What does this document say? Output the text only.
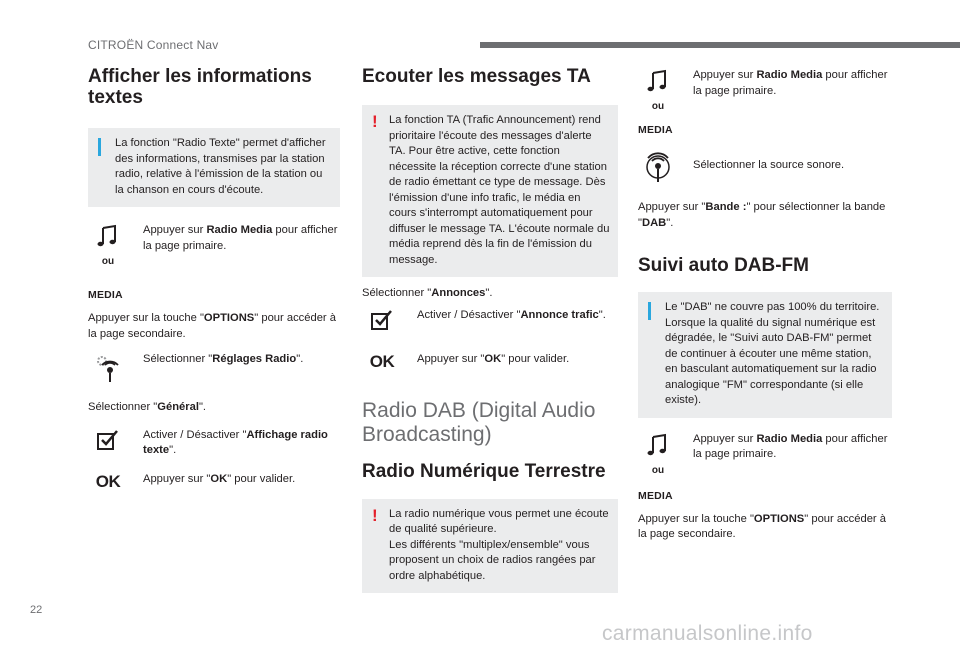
CITROËN Connect Nav
Afficher les informations
textes
La fonction "Radio Texte" permet d'afficher des informations, transmises par la station radio, relative à l'émission de la station ou la chanson en cours d'écoute.
ou
Appuyer sur Radio Media pour afficher la page primaire.
MEDIA
Appuyer sur la touche "OPTIONS" pour accéder à la page secondaire.
Sélectionner "Réglages Radio".
Sélectionner "Général".
Activer / Désactiver "Affichage radio texte".
OK	Appuyer sur "OK" pour valider.
Ecouter les messages TA
! La fonction TA (Trafic Announcement) rend prioritaire l'écoute des messages d'alerte TA. Pour être active, cette fonction nécessite la réception correcte d'une station de radio émettant ce type de message. Dès l'émission d'une info trafic, le média en cours s'interrompt automatiquement pour diffuser le message TA. L'écoute normale du média reprend dès la fin de l'émission du message.
Sélectionner "Annonces".
Activer / Désactiver "Annonce trafic".
OK	Appuyer sur "OK" pour valider.
Radio DAB (Digital Audio
Broadcasting)
Radio Numérique Terrestre
! La radio numérique vous permet une écoute de qualité supérieure.
Les différents "multiplex/ensemble" vous proposent un choix de radios rangées par ordre alphabétique.
ou
Appuyer sur Radio Media pour afficher la page primaire.
MEDIA
Sélectionner la source sonore.
Appuyer sur "Bande :" pour sélectionner la bande "DAB".
Suivi auto DAB-FM
Le "DAB" ne couvre pas 100% du territoire.
Lorsque la qualité du signal numérique est dégradée, le "Suivi auto DAB-FM" permet de continuer à écouter une même station, en basculant automatiquement sur la radio analogique "FM" correspondante (si elle existe).
ou
Appuyer sur Radio Media pour afficher la page primaire.
MEDIA
Appuyer sur la touche "OPTIONS" pour accéder à la page secondaire.
22
carmanualsonline.info
